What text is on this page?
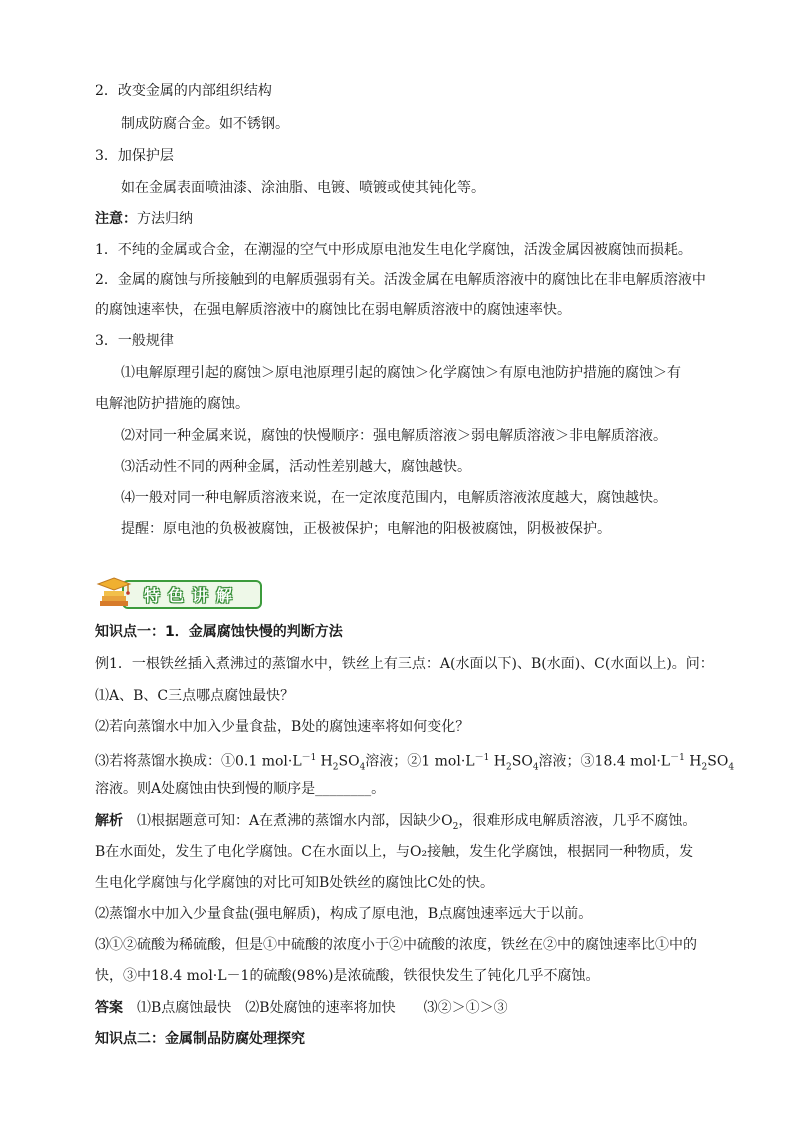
2．改变金属的内部组织结构
制成防腐合金。如不锈钢。
3．加保护层
如在金属表面喷油漆、涂油脂、电镀、喷镀或使其钝化等。
注意：方法归纳
1．不纯的金属或合金，在潮湿的空气中形成原电池发生电化学腐蚀，活泼金属因被腐蚀而损耗。
2．金属的腐蚀与所接触到的电解质强弱有关。活泼金属在电解质溶液中的腐蚀比在非电解质溶液中
的腐蚀速率快，在强电解质溶液中的腐蚀比在弱电解质溶液中的腐蚀速率快。
3．一般规律
⑴电解原理引起的腐蚀＞原电池原理引起的腐蚀＞化学腐蚀＞有原电池防护措施的腐蚀＞有
电解池防护措施的腐蚀。
⑵对同一种金属来说，腐蚀的快慢顺序：强电解质溶液＞弱电解质溶液＞非电解质溶液。
⑶活动性不同的两种金属，活动性差别越大，腐蚀越快。
⑷一般对同一种电解质溶液来说，在一定浓度范围内，电解质溶液浓度越大，腐蚀越快。
提醒：原电池的负极被腐蚀，正极被保护；电解池的阳极被腐蚀，阴极被保护。
特色讲解
知识点一：1．金属腐蚀快慢的判断方法
例1．一根铁丝插入煮沸过的蒸馏水中，铁丝上有三点：A(水面以下)、B(水面)、C(水面以上)。问：
⑴A、B、C三点哪点腐蚀最快？
⑵若向蒸馏水中加入少量食盐，B处的腐蚀速率将如何变化？
⑶若将蒸馏水换成：①0.1 $mol\cdot L^{-1}$ $H_2SO_4$溶液；②1 $mol\cdot L^{-1}$ $H_2SO_4$溶液；③18.4 $mol\cdot L^{-1}$ $H_2SO_4$
溶液。则A处腐蚀由快到慢的顺序是________。
解析　 ⑴根据题意可知：A在煮沸的蒸馏水内部，因缺少$O_2$，很难形成电解质溶液，几乎不腐蚀。
B在水面处，发生了电化学腐蚀。C在水面以上，与O₂接触，发生化学腐蚀，根据同一种物质，发
生电化学腐蚀与化学腐蚀的对比可知B处铁丝的腐蚀比C处的快。
⑵蒸馏水中加入少量食盐(强电解质)，构成了原电池，B点腐蚀速率远大于以前。
⑶①②硫酸为稀硫酸，但是①中硫酸的浓度小于②中硫酸的浓度，铁丝在②中的腐蚀速率比①中的
快，③中18.4 mol·L－1的硫酸(98%)是浓硫酸，铁很快发生了钝化几乎不腐蚀。
答案　 ⑴B点腐蚀最快　⑵B处腐蚀的速率将加快　　⑶②＞①＞③
知识点二：金属制品防腐处理探究
